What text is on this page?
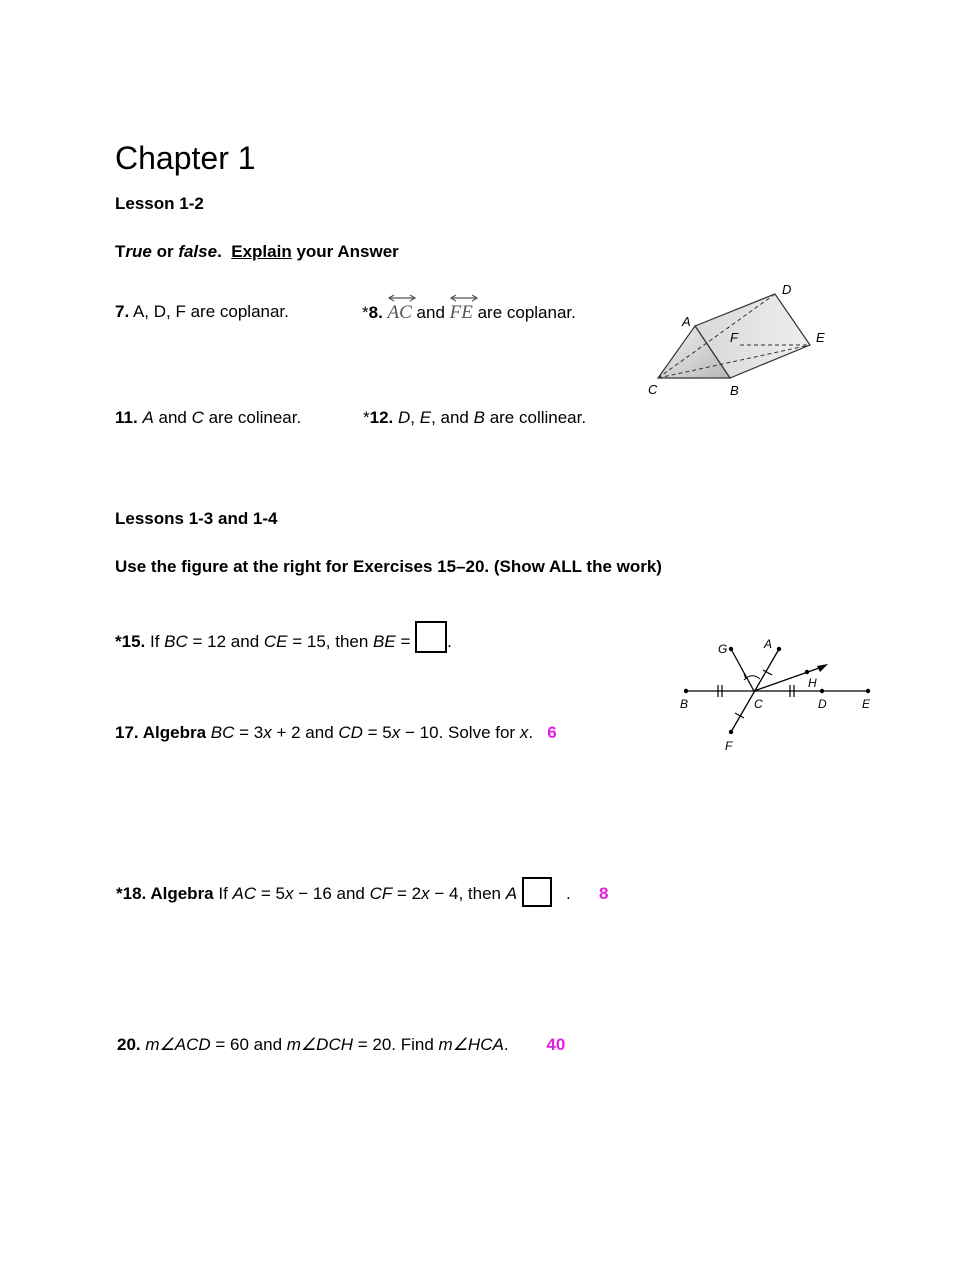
Chapter 1
Lesson 1-2
True or false. Explain your Answer
7. A, D, F are coplanar.	*8. AC and
FE are coplanar.	A
B
C
D
E
F
11. A and C are colinear.	*12. D, E, and B are collinear.
Lessons 1-3 and 1-4
Use the figure at the right for Exercises 15–20. (Show ALL the work)
*15. If BC = 12 and CE = 15, then BE = .	G	A
H
B	C	D	E
F
17. Algebra BC = 3x + 2 and CD = 5x − 10. Solve for x. 6
*18. Algebra If AC = 5x − 16 and CF = 2x − 4, then A	. 8
20. m∠ACD = 60 and m∠DCH = 20. Find m∠HCA. 40
